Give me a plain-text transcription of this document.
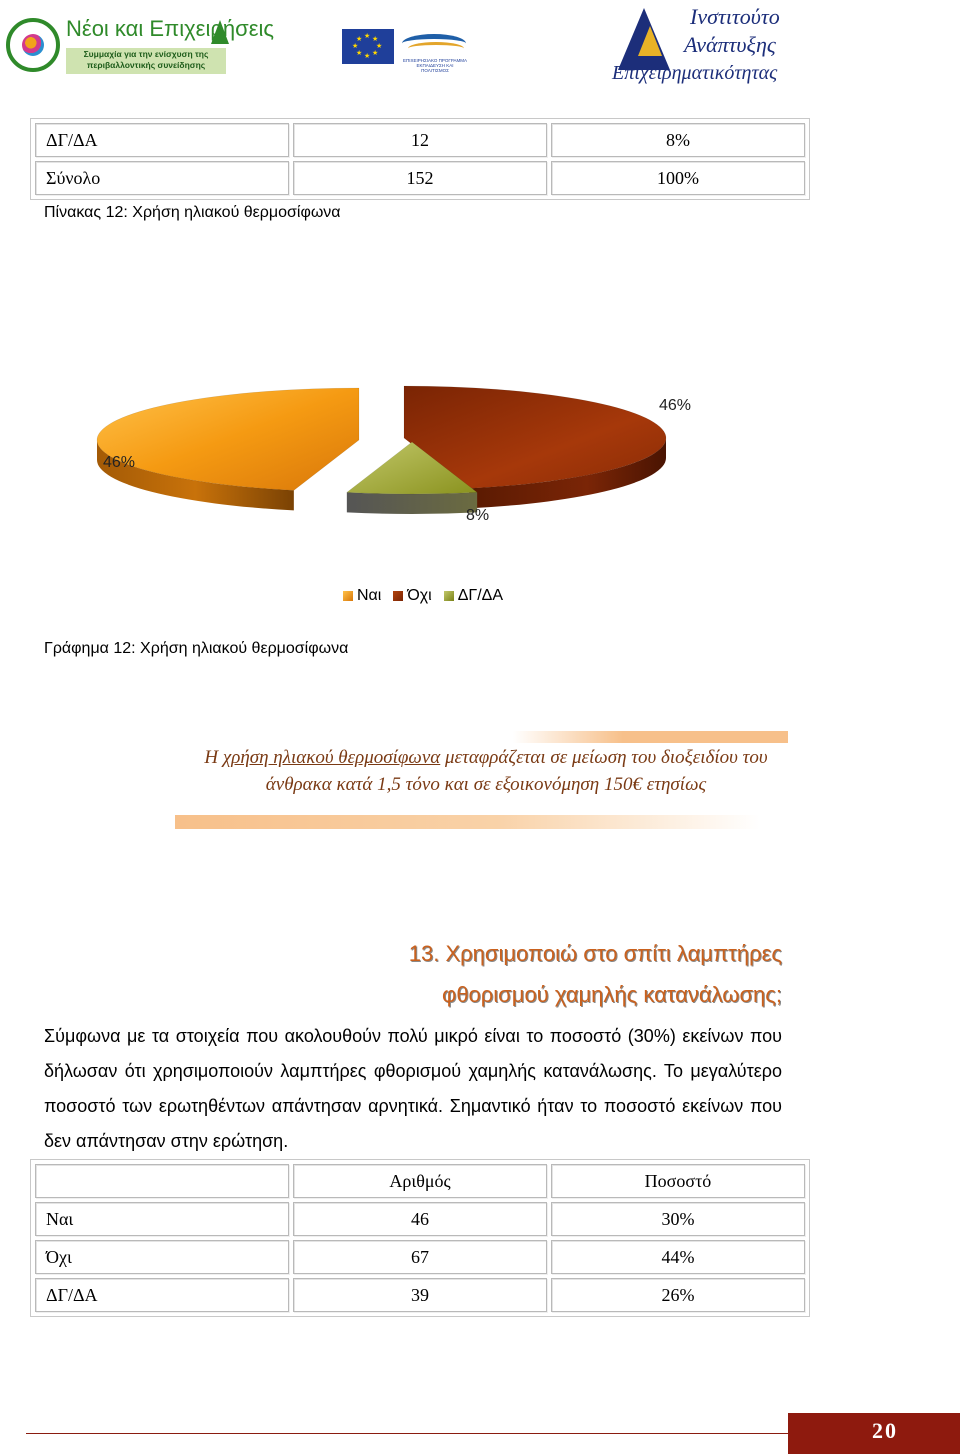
Νέοι και Επιχειρήσεις
Συμμαχία για την ενίσχυση της περιβαλλοντικής συνείδησης
★ ★
★
★
★
★
★
★
ΕΠΙΧΕΙΡΗΣΙΑΚΟ ΠΡΟΓΡΑΜΜΑ ΕΚΠΑΙΔΕΥΣΗ ΚΑΙ ΠΟΛΙΤΙΣΜΟΣ
Ινστιτούτο
Ανάπτυξης
Επιχειρηματικότητας
ΔΓ/ΔΑ	12	8%
Σύνολο	152	100%
Πίνακας 12: Χρήση ηλιακού θερμοσίφωνα
46%
46%
8%
Ναι Όχι ΔΓ/ΔΑ
Γράφημα 12: Χρήση ηλιακού θερμοσίφωνα
Η χρήση ηλιακού θερμοσίφωνα μεταφράζεται σε μείωση του διοξειδίου του άνθρακα κατά 1,5 τόνο και σε εξοικονόμηση 150€ ετησίως
13. Χρησιμοποιώ στο σπίτι λαμπτήρες
φθορισμού χαμηλής κατανάλωσης;
Σύμφωνα με τα στοιχεία που ακολουθούν πολύ μικρό είναι το ποσοστό (30%) εκείνων που δήλωσαν ότι χρησιμοποιούν λαμπτήρες φθορισμού χαμηλής κατανάλωσης. Το μεγαλύτερο ποσοστό των ερωτηθέντων απάντησαν αρνητικά. Σημαντικό ήταν το ποσοστό εκείνων που δεν απάντησαν στην ερώτηση.
	Αριθμός	Ποσοστό
Ναι	46	30%
Όχι	67	44%
ΔΓ/ΔΑ	39	26%
20
